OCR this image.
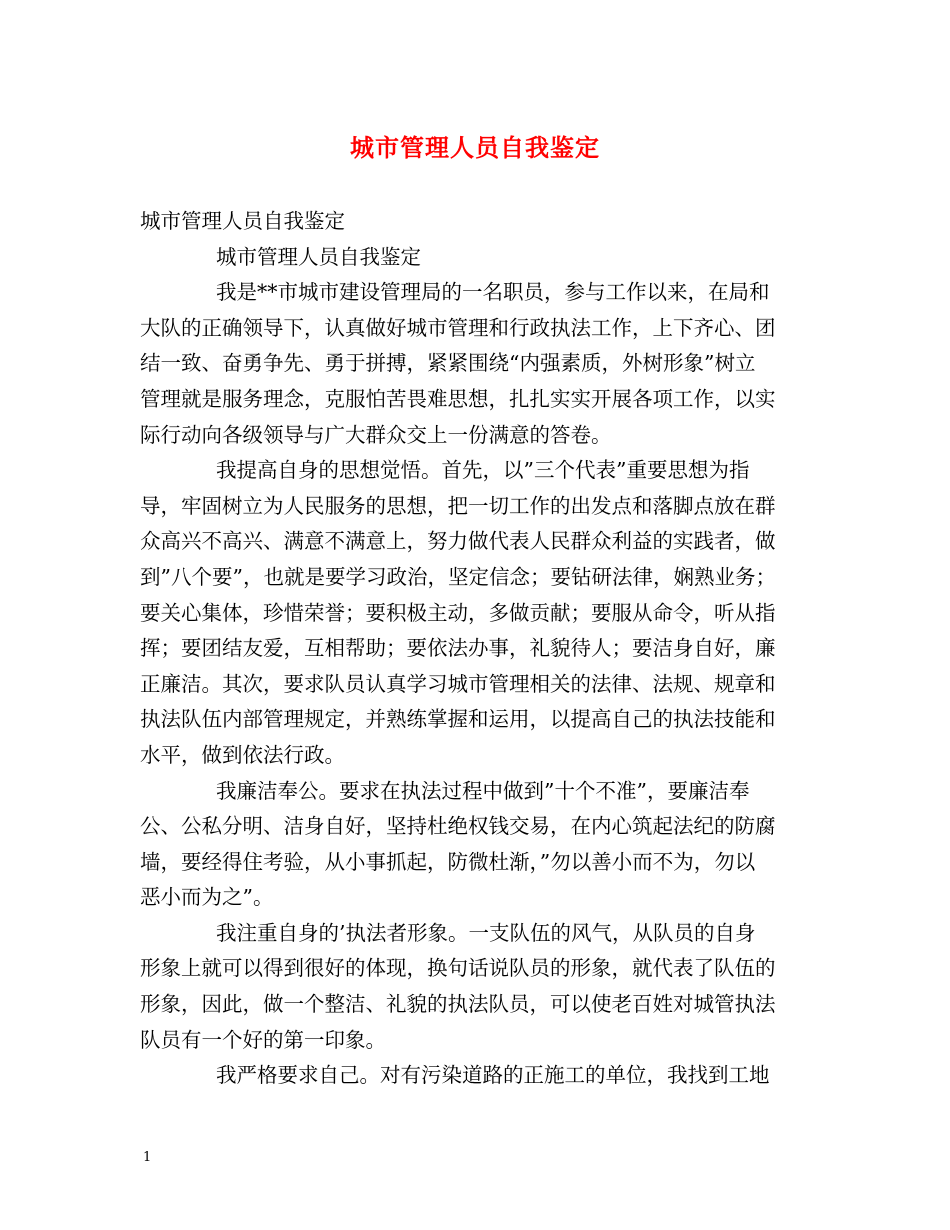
城市管理人员自我鉴定
城市管理人员自我鉴定
城市管理人员自我鉴定
我是**市城市建设管理局的一名职员，参与工作以来，在局和
大队的正确领导下，认真做好城市管理和行政执法工作，上下齐心、团
结一致、奋勇争先、勇于拼搏，紧紧围绕“内强素质，外树形象”树立
管理就是服务理念，克服怕苦畏难思想，扎扎实实开展各项工作，以实
际行动向各级领导与广大群众交上一份满意的答卷。
我提高自身的思想觉悟。首先，以”三个代表”重要思想为指
导，牢固树立为人民服务的思想，把一切工作的出发点和落脚点放在群
众高兴不高兴、满意不满意上，努力做代表人民群众利益的实践者，做
到”八个要”，也就是要学习政治，坚定信念；要钻研法律，娴熟业务；
要关心集体，珍惜荣誉；要积极主动，多做贡献；要服从命令，听从指
挥；要团结友爱，互相帮助；要依法办事，礼貌待人；要洁身自好，廉
正廉洁。其次，要求队员认真学习城市管理相关的法律、法规、规章和
执法队伍内部管理规定，并熟练掌握和运用，以提高自己的执法技能和
水平，做到依法行政。
我廉洁奉公。要求在执法过程中做到”十个不准”，要廉洁奉
公、公私分明、洁身自好，坚持杜绝权钱交易，在内心筑起法纪的防腐
墙，要经得住考验，从小事抓起，防微杜渐，”勿以善小而不为，勿以
恶小而为之”。
我注重自身的’执法者形象。一支队伍的风气，从队员的自身
形象上就可以得到很好的体现，换句话说队员的形象，就代表了队伍的
形象，因此，做一个整洁、礼貌的执法队员，可以使老百姓对城管执法
队员有一个好的第一印象。
我严格要求自己。对有污染道路的正施工的单位，我找到工地
1
